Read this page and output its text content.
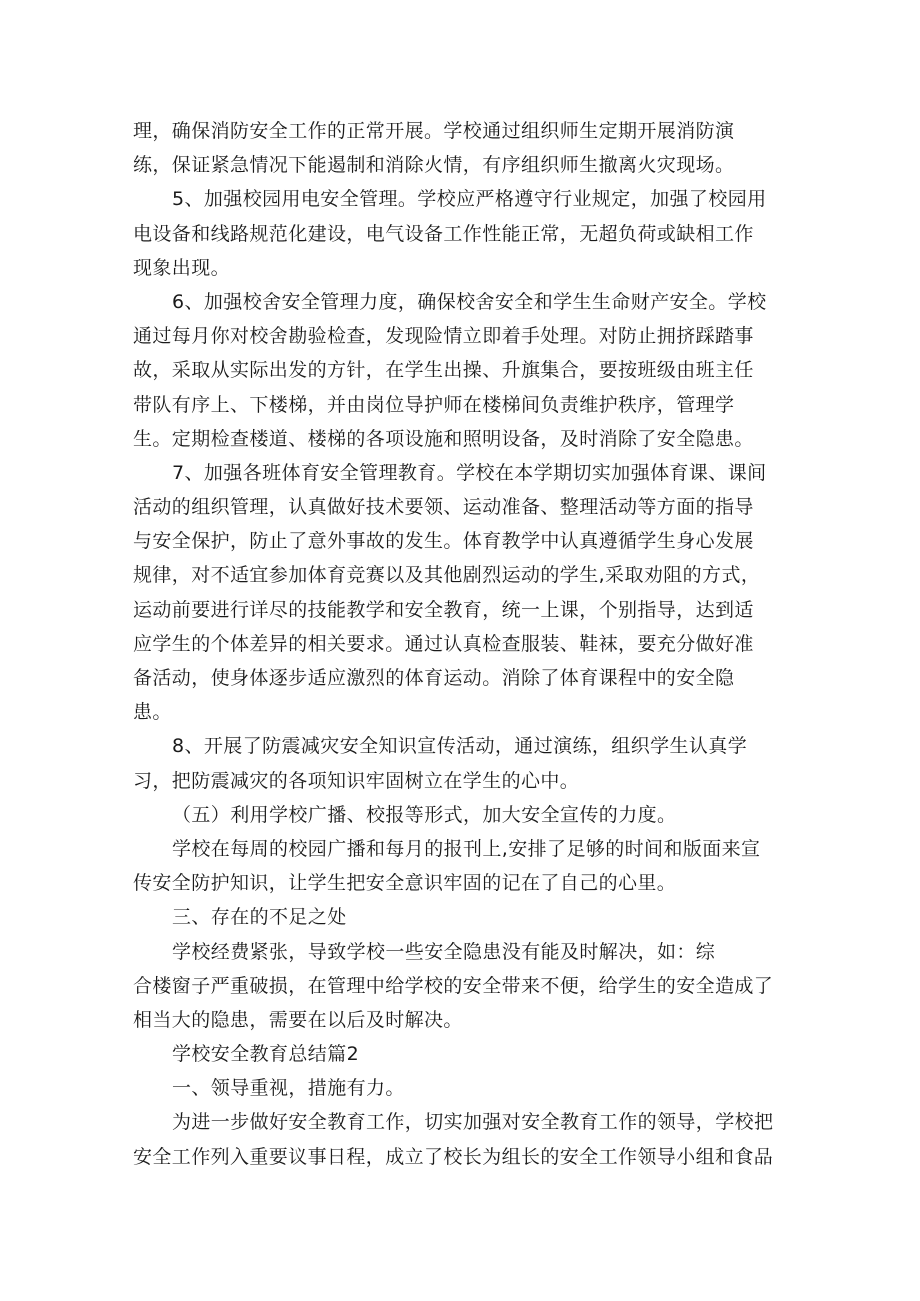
理，确保消防安全工作的正常开展。学校通过组织师生定期开展消防演
练，保证紧急情况下能遏制和消除火情，有序组织师生撤离火灾现场。
5、加强校园用电安全管理。学校应严格遵守行业规定，加强了校园用
电设备和线路规范化建设，电气设备工作性能正常，无超负荷或缺相工作
现象出现。
6、加强校舍安全管理力度，确保校舍安全和学生生命财产安全。学校
通过每月你对校舍勘验检查，发现险情立即着手处理。对防止拥挤踩踏事
故，采取从实际出发的方针，在学生出操、升旗集合，要按班级由班主任
带队有序上、下楼梯，并由岗位导护师在楼梯间负责维护秩序，管理学
生。定期检查楼道、楼梯的各项设施和照明设备，及时消除了安全隐患。
7、加强各班体育安全管理教育。学校在本学期切实加强体育课、课间
活动的组织管理，认真做好技术要领、运动准备、整理活动等方面的指导
与安全保护，防止了意外事故的发生。体育教学中认真遵循学生身心发展
规律，对不适宜参加体育竞赛以及其他剧烈运动的学生,采取劝阻的方式，
运动前要进行详尽的技能教学和安全教育，统一上课，个别指导，达到适
应学生的个体差异的相关要求。通过认真检查服装、鞋袜，要充分做好准
备活动，使身体逐步适应激烈的体育运动。消除了体育课程中的安全隐
患。
8、开展了防震减灾安全知识宣传活动，通过演练，组织学生认真学
习，把防震减灾的各项知识牢固树立在学生的心中。
（五）利用学校广播、校报等形式，加大安全宣传的力度。
学校在每周的校园广播和每月的报刊上,安排了足够的时间和版面来宣
传安全防护知识，让学生把安全意识牢固的记在了自己的心里。
三、存在的不足之处
学校经费紧张，导致学校一些安全隐患没有能及时解决，如：综
合楼窗子严重破损，在管理中给学校的安全带来不便，给学生的安全造成了
相当大的隐患，需要在以后及时解决。
学校安全教育总结篇2
一、领导重视，措施有力。
为进一步做好安全教育工作，切实加强对安全教育工作的领导，学校把
安全工作列入重要议事日程，成立了校长为组长的安全工作领导小组和食品
